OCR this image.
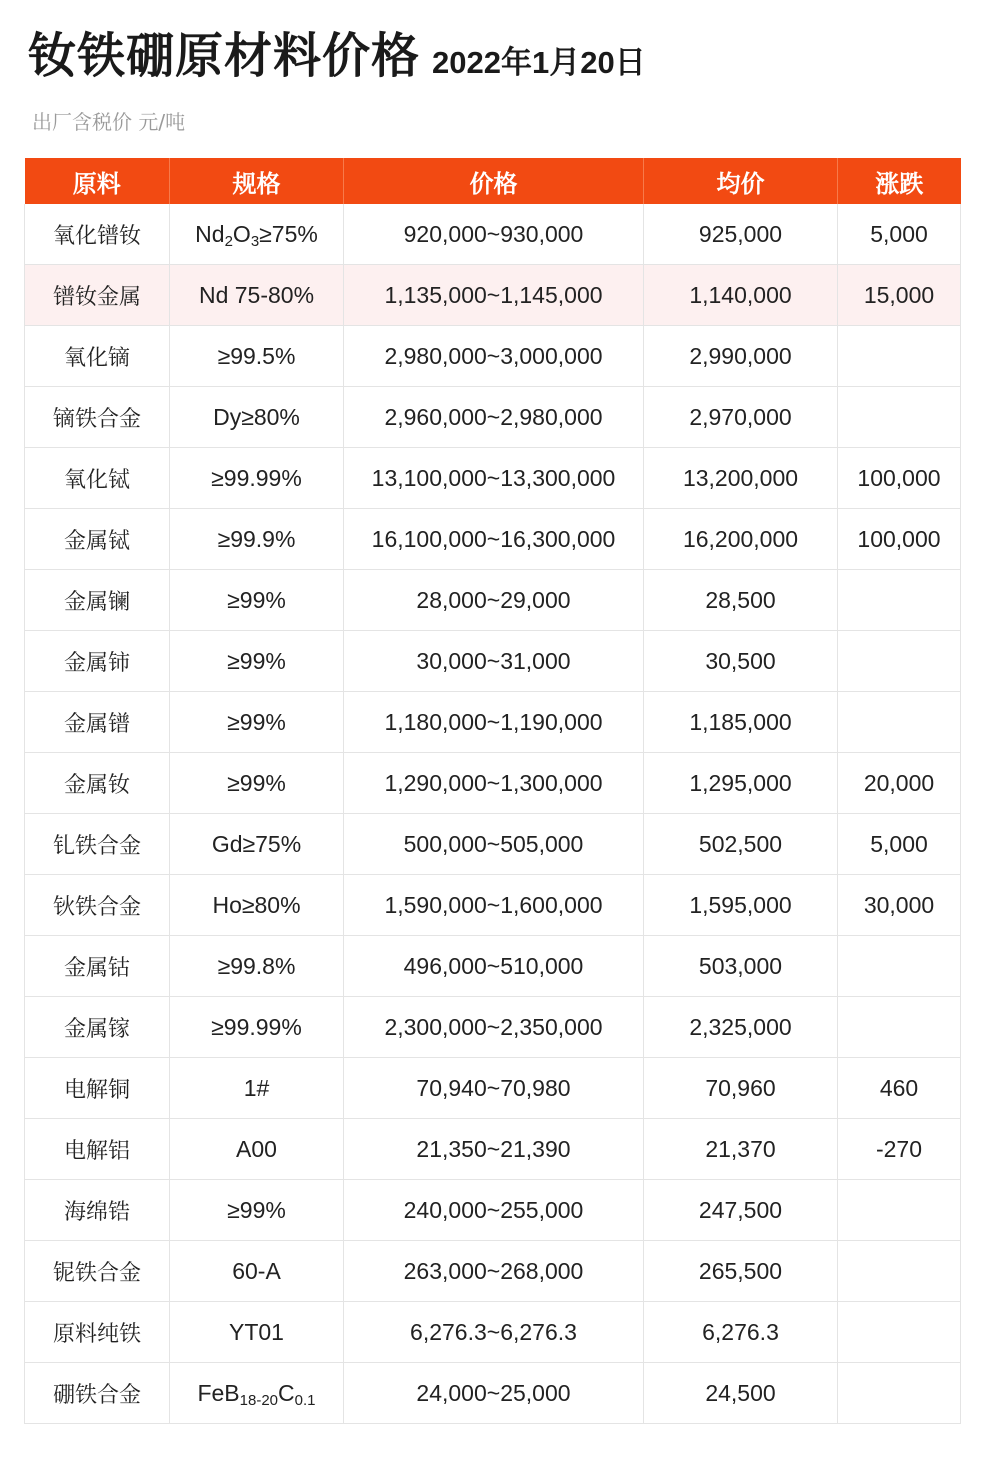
钕铁硼原材料价格 2022年1月20日
出厂含税价 元/吨
原料	规格	价格	均价	涨跌
氧化镨钕	$Nd_2O_3\ge 75\%$	920,000~930,000	925,000	5,000
镨钕金属	Nd 75-80%	1,135,000~1,145,000	1,140,000	15,000
氧化镝	≥99.5%	2,980,000~3,000,000	2,990,000	
镝铁合金	Dy≥80%	2,960,000~2,980,000	2,970,000	
氧化铽	≥99.99%	13,100,000~13,300,000	13,200,000	100,000
金属铽	≥99.9%	16,100,000~16,300,000	16,200,000	100,000
金属镧	≥99%	28,000~29,000	28,500	
金属铈	≥99%	30,000~31,000	30,500	
金属镨	≥99%	1,180,000~1,190,000	1,185,000	
金属钕	≥99%	1,290,000~1,300,000	1,295,000	20,000
钆铁合金	Gd≥75%	500,000~505,000	502,500	5,000
钬铁合金	Ho≥80%	1,590,000~1,600,000	1,595,000	30,000
金属钴	≥99.8%	496,000~510,000	503,000	
金属镓	≥99.99%	2,300,000~2,350,000	2,325,000	
电解铜	1#	70,940~70,980	70,960	460
电解铝	A00	21,350~21,390	21,370	-270
海绵锆	≥99%	240,000~255,000	247,500	
铌铁合金	60-A	263,000~268,000	265,500	
原料纯铁	YT01	6,276.3~6,276.3	6,276.3	
硼铁合金	$FeB_{18-20}C_{0.1}$	24,000~25,000	24,500	
